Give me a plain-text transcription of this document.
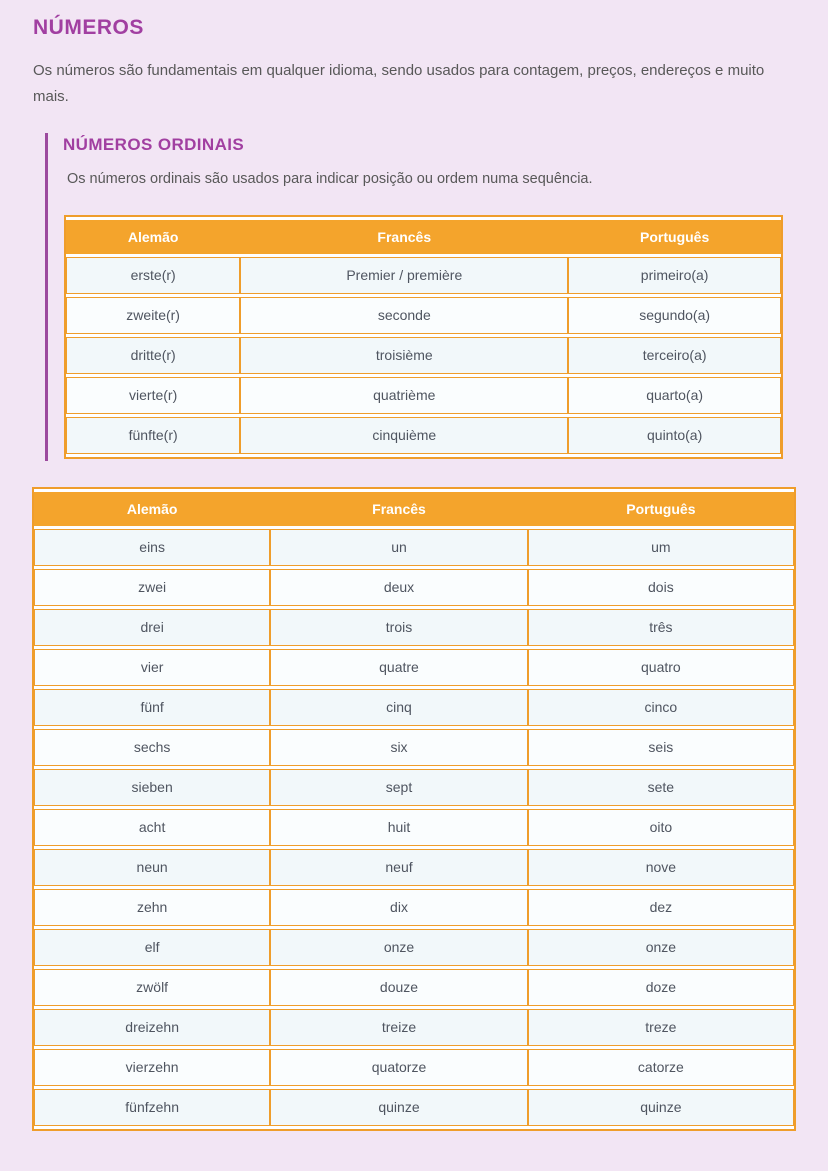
NÚMEROS

Os números são fundamentais em qualquer idioma, sendo usados para contagem, preços, endereços e muito mais.

NÚMEROS ORDINAIS

Os números ordinais são usados para indicar posição ou ordem numa sequência.

Alemão	Francês	Português
erste(r)	Premier / première	primeiro(a)
zweite(r)	seconde	segundo(a)
dritte(r)	troisième	terceiro(a)
vierte(r)	quatrième	quarto(a)
fünfte(r)	cinquième	quinto(a)
Alemão	Francês	Português
eins	un	um
zwei	deux	dois
drei	trois	três
vier	quatre	quatro
fünf	cinq	cinco
sechs	six	seis
sieben	sept	sete
acht	huit	oito
neun	neuf	nove
zehn	dix	dez
elf	onze	onze
zwölf	douze	doze
dreizehn	treize	treze
vierzehn	quatorze	catorze
fünfzehn	quinze	quinze
